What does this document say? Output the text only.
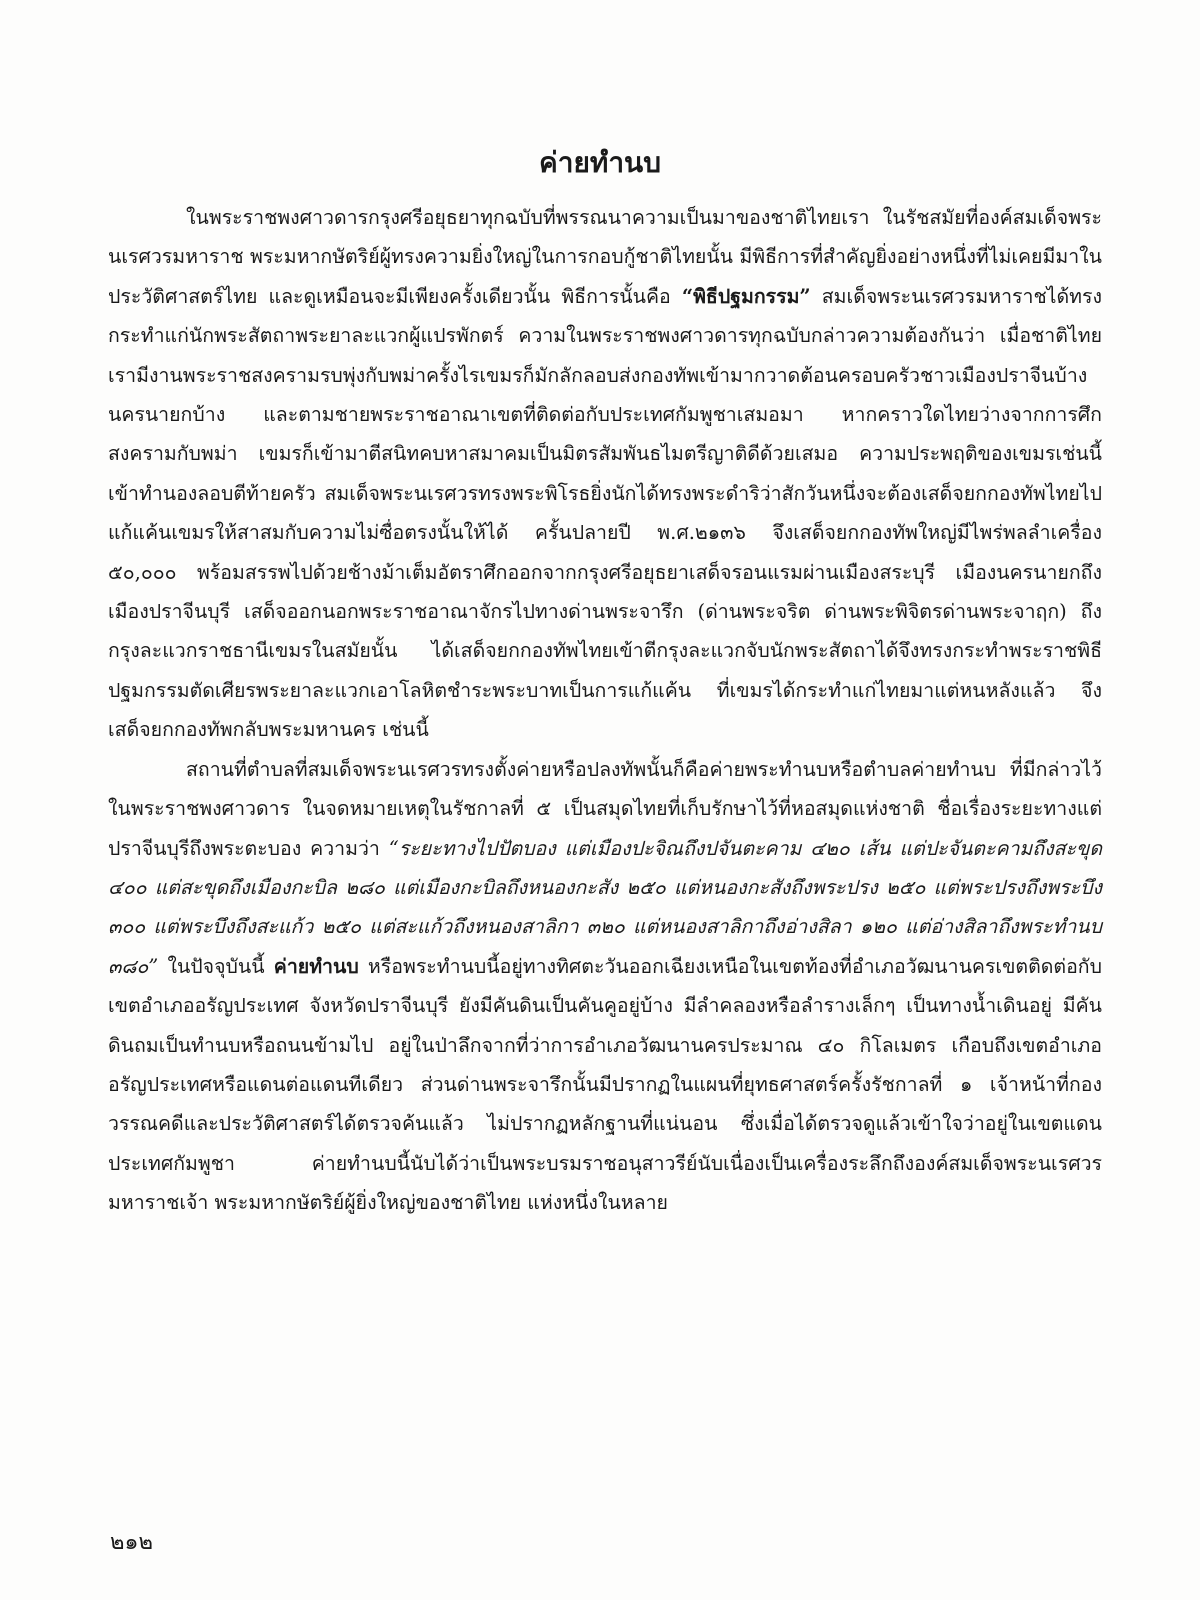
ค่ายทำนบ

ในพระราชพงศาวดารกรุงศรีอยุธยาทุกฉบับที่พรรณนาความเป็นมาของชาติไทยเรา ในรัชสมัยที่องค์สมเด็จพระนเรศวรมหาราช พระมหากษัตริย์ผู้ทรงความยิ่งใหญ่ในการกอบกู้ชาติไทยนั้น มีพิธีการที่สำคัญยิ่งอย่างหนึ่งที่ไม่เคยมีมาในประวัติศาสตร์ไทย และดูเหมือนจะมีเพียงครั้งเดียวนั้น พิธีการนั้นคือ “พิธีปฐมกรรม” สมเด็จพระนเรศวรมหาราชได้ทรงกระทำแก่นักพระสัตถาพระยาละแวกผู้แปรพักตร์ ความในพระราชพงศาวดารทุกฉบับกล่าวความต้องกันว่า เมื่อชาติไทยเรามีงานพระราชสงครามรบพุ่งกับพม่าครั้งไรเขมรก็มักลักลอบส่งกองทัพเข้ามากวาดต้อนครอบครัวชาวเมืองปราจีนบ้าง นครนายกบ้าง และตามชายพระราชอาณาเขตที่ติดต่อกับประเทศกัมพูชาเสมอมา หากคราวใดไทยว่างจากการศึกสงครามกับพม่า เขมรก็เข้ามาตีสนิทคบหาสมาคมเป็นมิตรสัมพันธไมตรีญาติดีด้วยเสมอ ความประพฤติของเขมรเช่นนี้เข้าทำนองลอบตีท้ายครัว สมเด็จพระนเรศวรทรงพระพิโรธยิ่งนักได้ทรงพระดำริว่าสักวันหนึ่งจะต้องเสด็จยกกองทัพไทยไปแก้แค้นเขมรให้สาสมกับความไม่ซื่อตรงนั้นให้ได้ ครั้นปลายปี พ.ศ.๒๑๓๖ จึงเสด็จยกกองทัพใหญ่มีไพร่พลลำเครื่อง ๕๐,๐๐๐ พร้อมสรรพไปด้วยช้างม้าเต็มอัตราศึกออกจากกรุงศรีอยุธยาเสด็จรอนแรมผ่านเมืองสระบุรี เมืองนครนายกถึงเมืองปราจีนบุรี เสด็จออกนอกพระราชอาณาจักรไปทางด่านพระจารึก (ด่านพระจริต ด่านพระพิจิตรด่านพระจาฤก) ถึงกรุงละแวกราชธานีเขมรในสมัยนั้น ได้เสด็จยกกองทัพไทยเข้าตีกรุงละแวกจับนักพระสัตถาได้จึงทรงกระทำพระราชพิธีปฐมกรรมตัดเศียรพระยาละแวกเอาโลหิตชำระพระบาทเป็นการแก้แค้น ที่เขมรได้กระทำแก่ไทยมาแต่หนหลังแล้ว จึงเสด็จยกกองทัพกลับพระมหานคร เช่นนี้

สถานที่ตำบลที่สมเด็จพระนเรศวรทรงตั้งค่ายหรือปลงทัพนั้นก็คือค่ายพระทำนบหรือตำบลค่ายทำนบ ที่มีกล่าวไว้ในพระราชพงศาวดาร ในจดหมายเหตุในรัชกาลที่ ๕ เป็นสมุดไทยที่เก็บรักษาไว้ที่หอสมุดแห่งชาติ ชื่อเรื่องระยะทางแต่ปราจีนบุรีถึงพระตะบอง ความว่า “ระยะทางไปปัตบอง แต่เมืองปะจิณถึงปจันตะคาม ๔๒๐ เส้น แต่ปะจันตะคามถึงสะขุด ๔๐๐ แต่สะขุดถึงเมืองกะบิล ๒๘๐ แต่เมืองกะบิลถึงหนองกะสัง ๒๕๐ แต่หนองกะสังถึงพระปรง ๒๕๐ แต่พระปรงถึงพระบึง ๓๐๐ แต่พระบึงถึงสะแก้ว ๒๕๐ แต่สะแก้วถึงหนองสาลิกา ๓๒๐ แต่หนองสาลิกาถึงอ่างสิลา ๑๒๐ แต่อ่างสิลาถึงพระทำนบ ๓๘๐” ในปัจจุบันนี้ ค่ายทำนบ หรือพระทำนบนี้อยู่ทางทิศตะวันออกเฉียงเหนือในเขตท้องที่อำเภอวัฒนานครเขตติดต่อกับเขตอำเภออรัญประเทศ จังหวัดปราจีนบุรี ยังมีคันดินเป็นคันคูอยู่บ้าง มีลำคลองหรือลำรางเล็กๆ เป็นทางน้ำเดินอยู่ มีคันดินถมเป็นทำนบหรือถนนข้ามไป อยู่ในป่าลึกจากที่ว่าการอำเภอวัฒนานครประมาณ ๔๐ กิโลเมตร เกือบถึงเขตอำเภออรัญประเทศหรือแดนต่อแดนทีเดียว ส่วนด่านพระจารึกนั้นมีปรากฏในแผนที่ยุทธศาสตร์ครั้งรัชกาลที่ ๑ เจ้าหน้าที่กองวรรณคดีและประวัติศาสตร์ได้ตรวจค้นแล้ว ไม่ปรากฏหลักฐานที่แน่นอน ซึ่งเมื่อได้ตรวจดูแล้วเข้าใจว่าอยู่ในเขตแดนประเทศกัมพูชา ค่ายทำนบนี้นับได้ว่าเป็นพระบรมราชอนุสาวรีย์นับเนื่องเป็นเครื่องระลึกถึงองค์สมเด็จพระนเรศวรมหาราชเจ้า พระมหากษัตริย์ผู้ยิ่งใหญ่ของชาติไทย แห่งหนึ่งในหลาย

๒๑๒
